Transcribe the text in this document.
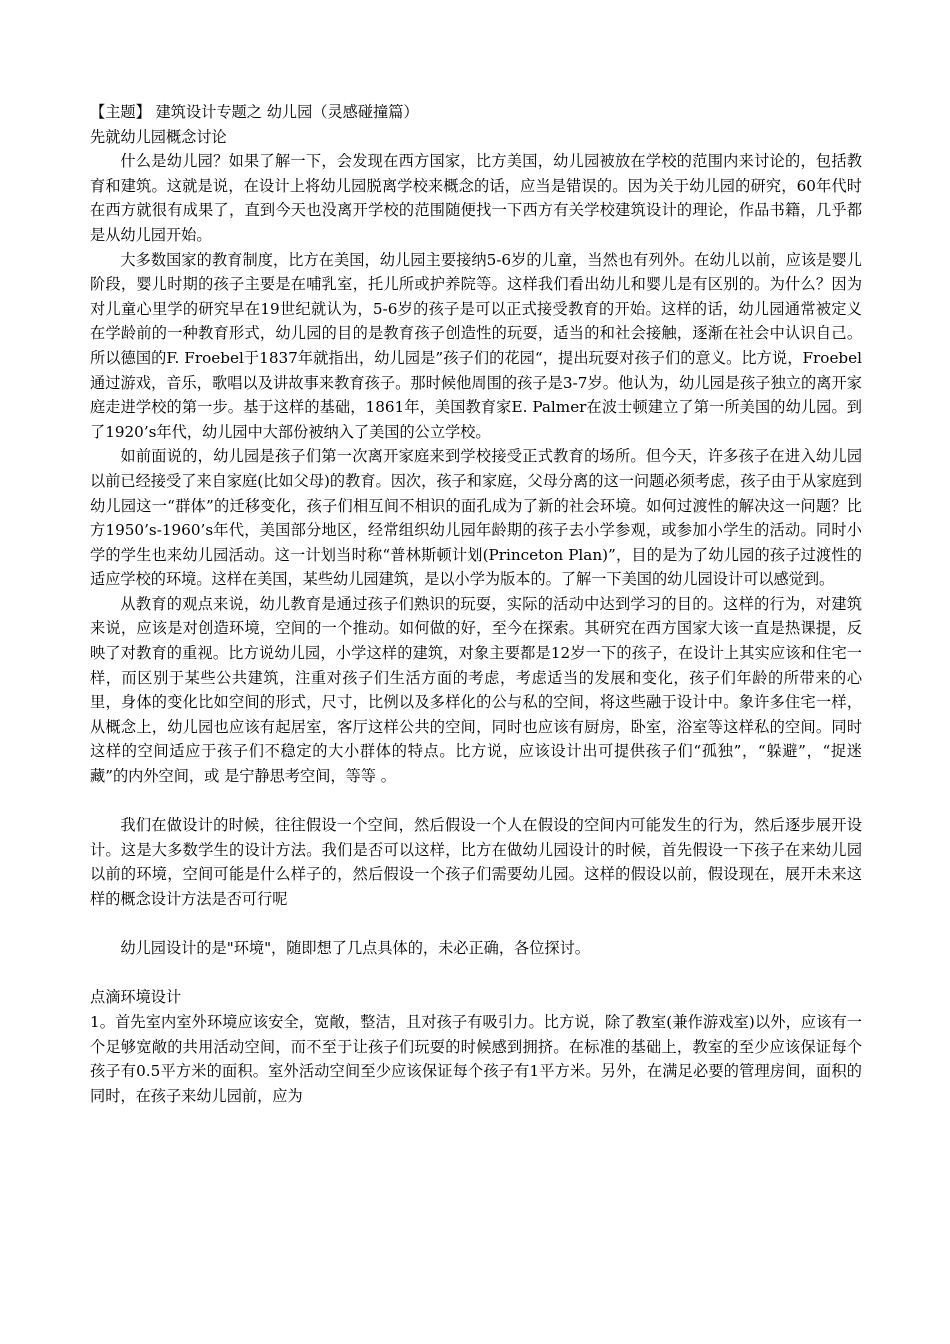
【主题】 建筑设计专题之 幼儿园（灵感碰撞篇）

先就幼儿园概念讨论

什么是幼儿园？如果了解一下，会发现在西方国家，比方美国，幼儿园被放在学校的范围内来讨论的，包括教育和建筑。这就是说，在设计上将幼儿园脱离学校来概念的话，应当是错误的。因为关于幼儿园的研究，60年代时在西方就很有成果了，直到今天也没离开学校的范围随便找一下西方有关学校建筑设计的理论，作品书籍，几乎都是从幼儿园开始。

大多数国家的教育制度，比方在美国，幼儿园主要接纳5-6岁的儿童，当然也有列外。在幼儿以前，应该是婴儿阶段，婴儿时期的孩子主要是在哺乳室，托儿所或护养院等。这样我们看出幼儿和婴儿是有区别的。为什么？因为对儿童心里学的研究早在19世纪就认为，5-6岁的孩子是可以正式接受教育的开始。这样的话，幼儿园通常被定义在学龄前的一种教育形式，幼儿园的目的是教育孩子创造性的玩耍，适当的和社会接触，逐渐在社会中认识自己。所以德国的F. Froebel于1837年就指出，幼儿园是”孩子们的花园“，提出玩耍对孩子们的意义。比方说，Froebel通过游戏，音乐，歌唱以及讲故事来教育孩子。那时候他周围的孩子是3-7岁。他认为，幼儿园是孩子独立的离开家庭走进学校的第一步。基于这样的基础，1861年，美国教育家E. Palmer在波士顿建立了第一所美国的幼儿园。到了1920’s年代，幼儿园中大部份被纳入了美国的公立学校。

如前面说的，幼儿园是孩子们第一次离开家庭来到学校接受正式教育的场所。但今天，许多孩子在进入幼儿园以前已经接受了来自家庭(比如父母)的教育。因次，孩子和家庭，父母分离的这一问题必须考虑，孩子由于从家庭到幼儿园这一“群体”的迁移变化，孩子们相互间不相识的面孔成为了新的社会环境。如何过渡性的解决这一问题？比方1950’s-1960’s年代，美国部分地区，经常组织幼儿园年龄期的孩子去小学参观，或参加小学生的活动。同时小学的学生也来幼儿园活动。这一计划当时称“普林斯顿计划(Princeton Plan)”，目的是为了幼儿园的孩子过渡性的适应学校的环境。这样在美国，某些幼儿园建筑，是以小学为版本的。了解一下美国的幼儿园设计可以感觉到。

从教育的观点来说，幼儿教育是通过孩子们熟识的玩耍，实际的活动中达到学习的目的。这样的行为，对建筑来说，应该是对创造环境，空间的一个推动。如何做的好，至今在探索。其研究在西方国家大该一直是热课提，反映了对教育的重视。比方说幼儿园，小学这样的建筑，对象主要都是12岁一下的孩子，在设计上其实应该和住宅一样，而区别于某些公共建筑，注重对孩子们生活方面的考虑，考虑适当的发展和变化，孩子们年龄的所带来的心里，身体的变化比如空间的形式，尺寸，比例以及多样化的公与私的空间，将这些融于设计中。象许多住宅一样，从概念上，幼儿园也应该有起居室，客厅这样公共的空间，同时也应该有厨房，卧室，浴室等这样私的空间。同时这样的空间适应于孩子们不稳定的大小群体的特点。比方说，应该设计出可提供孩子们“孤独”，“躲避”，“捉迷藏”的内外空间，或 是宁静思考空间，等等 。

我们在做设计的时候，往往假设一个空间，然后假设一个人在假设的空间内可能发生的行为，然后逐步展开设计。这是大多数学生的设计方法。我们是否可以这样，比方在做幼儿园设计的时候，首先假设一下孩子在来幼儿园以前的环境，空间可能是什么样子的，然后假设一个孩子们需要幼儿园。这样的假设以前，假设现在，展开未来这样的概念设计方法是否可行呢

幼儿园设计的是"环境"，随即想了几点具体的，未必正确，各位探讨。

点滴环境设计

1。首先室内室外环境应该安全，宽敞，整洁，且对孩子有吸引力。比方说，除了教室(兼作游戏室)以外，应该有一个足够宽敞的共用活动空间，而不至于让孩子们玩耍的时候感到拥挤。在标准的基础上，教室的至少应该保证每个孩子有0.5平方米的面积。室外活动空间至少应该保证每个孩子有1平方米。另外，在满足必要的管理房间，面积的同时，在孩子来幼儿园前，应为
